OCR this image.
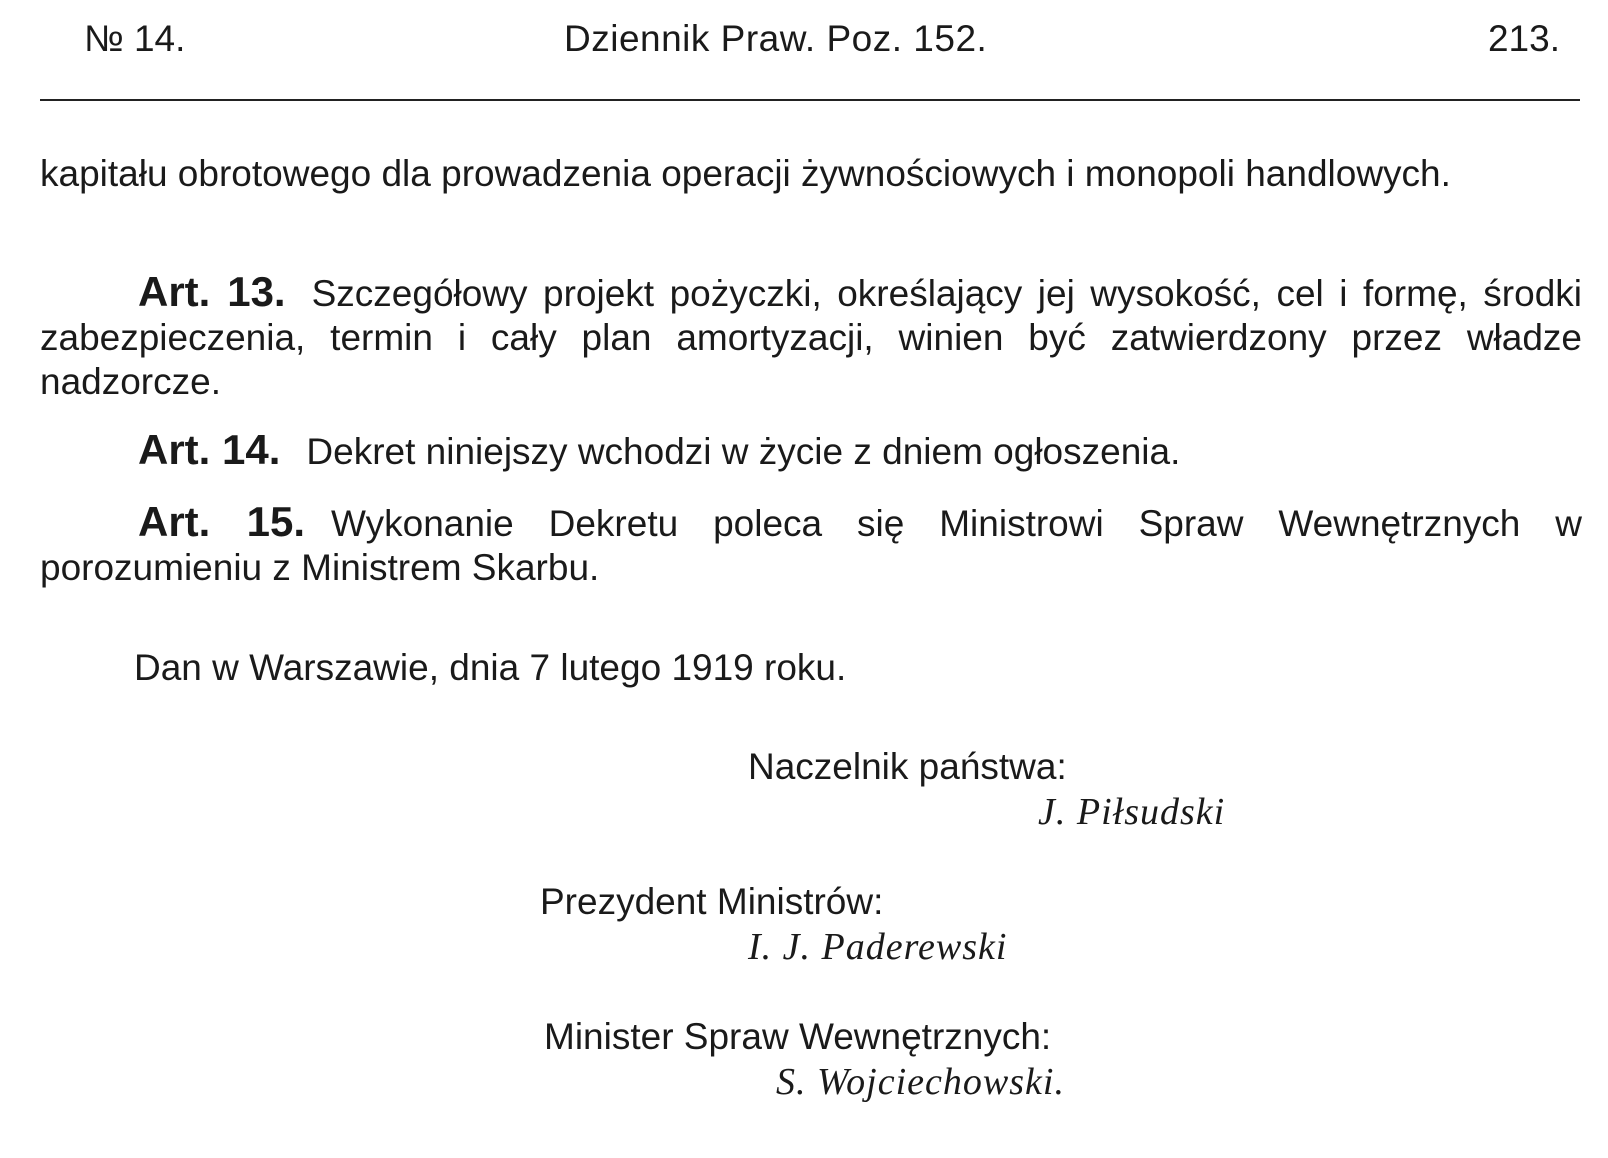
№ 14.	Dziennik Praw. Poz. 152.	213.

kapitału obrotowego dla prowadzenia operacji żywnościowych i monopoli handlowych.

Art. 13. Szczegółowy projekt pożyczki, określający jej wysokość, cel i formę, środki zabezpieczenia, termin i cały plan amortyzacji, winien być zatwierdzony przez władze nadzorcze.

Art. 14. Dekret niniejszy wchodzi w życie z dniem ogłoszenia.

Art. 15. Wykonanie Dekretu poleca się Ministrowi Spraw Wewnętrznych w porozumieniu z Ministrem Skarbu.

Dan w Warszawie, dnia 7 lutego 1919 roku.
Naczelnik państwa:
J. Piłsudski
Prezydent Ministrów:
I. J. Paderewski
Minister Spraw Wewnętrznych:
S. Wojciechowski.
